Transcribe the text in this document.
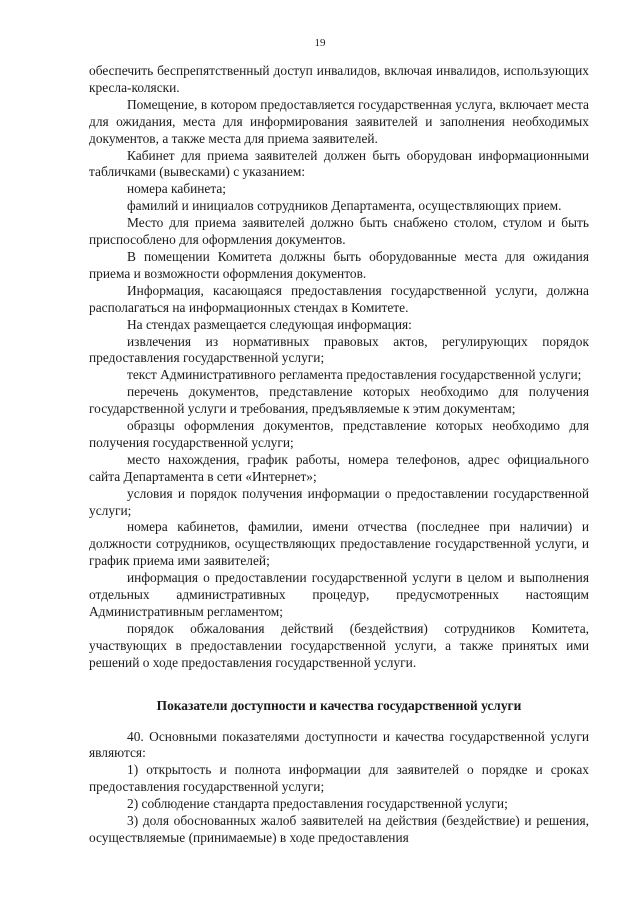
19

обеспечить беспрепятственный доступ инвалидов, включая инвалидов, использующих кресла-коляски.

Помещение, в котором предоставляется государственная услуга, включает места для ожидания, места для информирования заявителей и заполнения необходимых документов, а также места для приема заявителей.

Кабинет для приема заявителей должен быть оборудован информационными табличками (вывесками) с указанием:

номера кабинета;

фамилий и инициалов сотрудников Департамента, осуществляющих прием.

Место для приема заявителей должно быть снабжено столом, стулом и быть приспособлено для оформления документов.

В помещении Комитета должны быть оборудованные места для ожидания приема и возможности оформления документов.

Информация, касающаяся предоставления государственной услуги, должна располагаться на информационных стендах в Комитете.

На стендах размещается следующая информация:

извлечения из нормативных правовых актов, регулирующих порядок предоставления государственной услуги;

текст Административного регламента предоставления государственной услуги;

перечень документов, представление которых необходимо для получения государственной услуги и требования, предъявляемые к этим документам;

образцы оформления документов, представление которых необходимо для получения государственной услуги;

место нахождения, график работы, номера телефонов, адрес официального сайта Департамента в сети «Интернет»;

условия и порядок получения информации о предоставлении государственной услуги;

номера кабинетов, фамилии, имени отчества (последнее при наличии) и должности сотрудников, осуществляющих предоставление государственной услуги, и график приема ими заявителей;

информация о предоставлении государственной услуги в целом и выполнения отдельных административных процедур, предусмотренных настоящим Административным регламентом;

порядок обжалования действий (бездействия) сотрудников Комитета, участвующих в предоставлении государственной услуги, а также принятых ими решений о ходе предоставления государственной услуги.

Показатели доступности и качества государственной услуги

40. Основными показателями доступности и качества государственной услуги являются:

1) открытость и полнота информации для заявителей о порядке и сроках предоставления государственной услуги;

2) соблюдение стандарта предоставления государственной услуги;

3) доля обоснованных жалоб заявителей на действия (бездействие) и решения, осуществляемые (принимаемые) в ходе предоставления
